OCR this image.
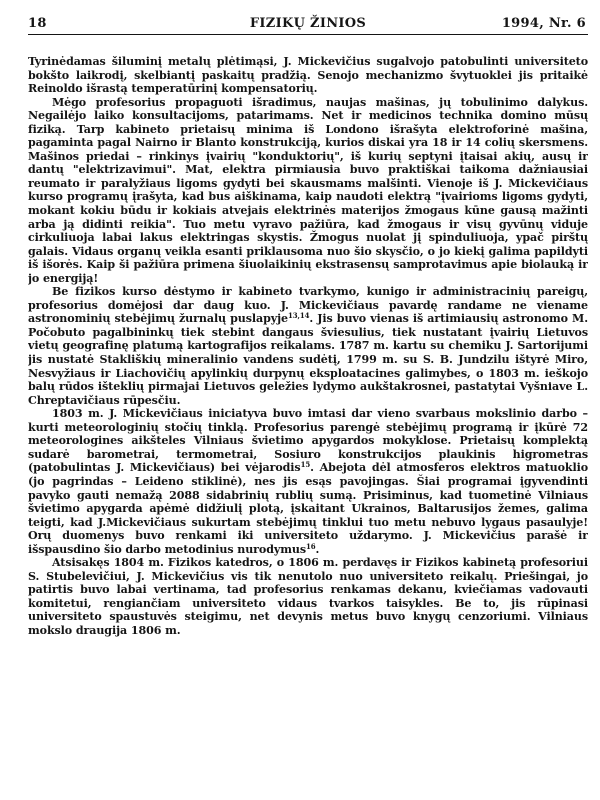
18	FIZIKŲ ŽINIOS	1994, Nr. 6

Tyrinėdamas šiluminį metalų plėtimąsi, J. Mickevičius sugalvojo patobulinti universiteto bokšto laikrodį, skelbiantį paskaitų pradžią. Senojo mechanizmo švytuoklei jis pritaikė Reinoldo išrastą temperatūrinį kompensatorių.

Mėgo profesorius propaguoti išradimus, naujas mašinas, jų tobulinimo dalykus. Negailėjo laiko konsultacijoms, patarimams. Net ir medicinos technika domino mūsų fiziką. Tarp kabineto prietaisų minima iš Londono išrašyta elektroforinė mašina, pagaminta pagal Nairno ir Blanto konstrukciją, kurios diskai yra 18 ir 14 colių skersmens. Mašinos priedai – rinkinys įvairių "konduktorių", iš kurių septyni įtaisai akių, ausų ir dantų "elektrizavimui". Mat, elektra pirmiausia buvo praktiškai taikoma dažniausiai reumato ir paralyžiaus ligoms gydyti bei skausmams malšinti. Vienoje iš J. Mickevičiaus kurso programų įrašyta, kad bus aiškinama, kaip naudoti elektrą "įvairioms ligoms gydyti, mokant kokiu būdu ir kokiais atvejais elektrinės materijos žmogaus kūne gausą mažinti arba ją didinti reikia". Tuo metu vyravo pažiūra, kad žmogaus ir visų gyvūnų viduje cirkuliuoja labai lakus elektringas skystis. Žmogus nuolat jį spinduliuoja, ypač pirštų galais. Vidaus organų veikla esanti priklausoma nuo šio skysčio, o jo kiekį galima papildyti iš išorės. Kaip ši pažiūra primena šiuolaikinių ekstrasensų samprotavimus apie biolauką ir jo energiją!

Be fizikos kurso dėstymo ir kabineto tvarkymo, kunigo ir administracinių pareigų, profesorius domėjosi dar daug kuo. J. Mickevičiaus pavardę randame ne viename astronominių stebėjimų žurnalų puslapyje$^{13,14}$. Jis buvo vienas iš artimiausių astronomo M. Počobuto pagalbininkų tiek stebint dangaus šviesulius, tiek nustatant įvairių Lietuvos vietų geografinę platumą kartografijos reikalams. 1787 m. kartu su chemiku J. Sartorijumi jis nustatė Stakliškių mineralinio vandens sudėtį, 1799 m. su S. B. Jundzilu ištyrė Miro, Nesvyžiaus ir Liachovičių apylinkių durpynų eksploatacines galimybes, o 1803 m. ieškojo balų rūdos išteklių pirmajai Lietuvos geležies lydymo aukštakrosnei, pastatytai Vyšnіave L. Chreptavičiaus rūpesčiu.

1803 m. J. Mickevičiaus iniciatyva buvo imtasi dar vieno svarbaus mokslinio darbo – kurti meteorologinių stočių tinklą. Profesorius parengė stebėjimų programą ir įkūrė 72 meteorologines aikšteles Vilniaus švietimo apygardos mokyklose. Prietaisų komplektą sudarė barometrai, termometrai, Sosiuro konstrukcijos plaukinis higrometras (patobulintas J. Mickevičiaus) bei vėjarodis$^{15}$. Abejota dėl atmosferos elektros matuoklio (jo pagrindas – Leideno stiklinė), nes jis esąs pavojingas. Šiai programai įgyvendinti pavyko gauti nemažą 2088 sidabrinių rublių sumą. Prisiminus, kad tuometinė Vilniaus švietimo apygarda apėmė didžiulį plotą, įskaitant Ukrainos, Baltarusijos žemes, galima teigti, kad J.Mickevičiaus sukurtam stebėjimų tinklui tuo metu nebuvo lygaus pasaulyje! Orų duomenys buvo renkami iki universiteto uždarymo. J. Mickevičius parašė ir išspausdino šio darbo metodinius nurodymus$^{16}$.

Atsisakęs 1804 m. Fizikos katedros, o 1806 m. perdavęs ir Fizikos kabinetą profesoriui S. Stubelevičiui, J. Mickevičius vis tik nenutolo nuo universiteto reikalų. Priešingai, jo patirtis buvo labai vertinama, tad profesorius renkamas dekanu, kviečiamas vadovauti komitetui, rengiančiam universiteto vidaus tvarkos taisykles. Be to, jis rūpinasi universiteto spaustuvės steigimu, net devynis metus buvo knygų cenzoriumi. Vilniaus mokslo draugija 1806 m.
